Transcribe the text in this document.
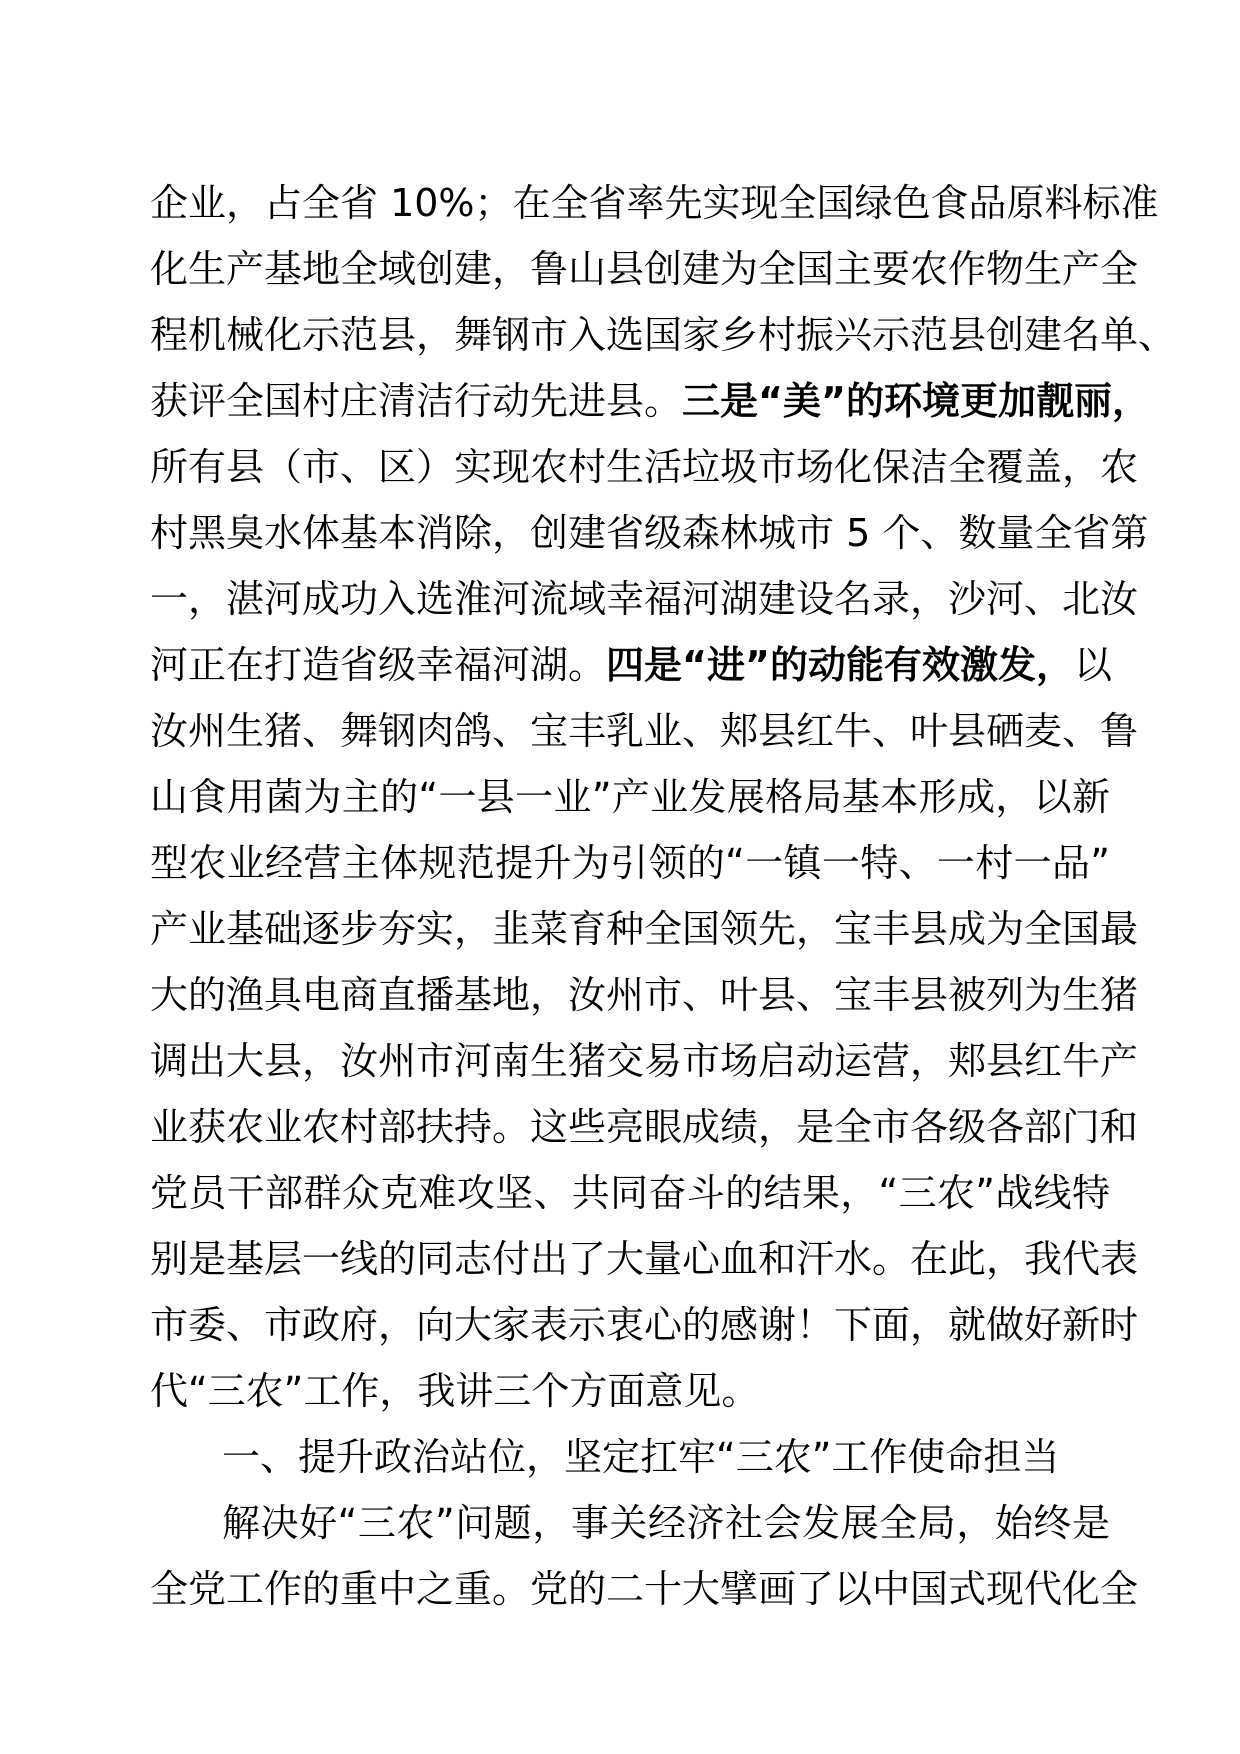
企业，占全省 10%；在全省率先实现全国绿色食品原料标准
化生产基地全域创建，鲁山县创建为全国主要农作物生产全
程机械化示范县，舞钢市入选国家乡村振兴示范县创建名单、
获评全国村庄清洁行动先进县。三是“美”的环境更加靓丽，
所有县（市、区）实现农村生活垃圾市场化保洁全覆盖，农
村黑臭水体基本消除，创建省级森林城市 5 个、数量全省第
一，湛河成功入选淮河流域幸福河湖建设名录，沙河、北汝
河正在打造省级幸福河湖。四是“进”的动能有效激发，以
汝州生猪、舞钢肉鸽、宝丰乳业、郏县红牛、叶县硒麦、鲁
山食用菌为主的“一县一业”产业发展格局基本形成，以新
型农业经营主体规范提升为引领的“一镇一特、一村一品”
产业基础逐步夯实，韭菜育种全国领先，宝丰县成为全国最
大的渔具电商直播基地，汝州市、叶县、宝丰县被列为生猪
调出大县，汝州市河南生猪交易市场启动运营，郏县红牛产
业获农业农村部扶持。这些亮眼成绩，是全市各级各部门和
党员干部群众克难攻坚、共同奋斗的结果，“三农”战线特
别是基层一线的同志付出了大量心血和汗水。在此，我代表
市委、市政府，向大家表示衷心的感谢！下面，就做好新时
代“三农”工作，我讲三个方面意见。
一、提升政治站位，坚定扛牢“三农”工作使命担当
解决好“三农”问题，事关经济社会发展全局，始终是
全党工作的重中之重。党的二十大擘画了以中国式现代化全
